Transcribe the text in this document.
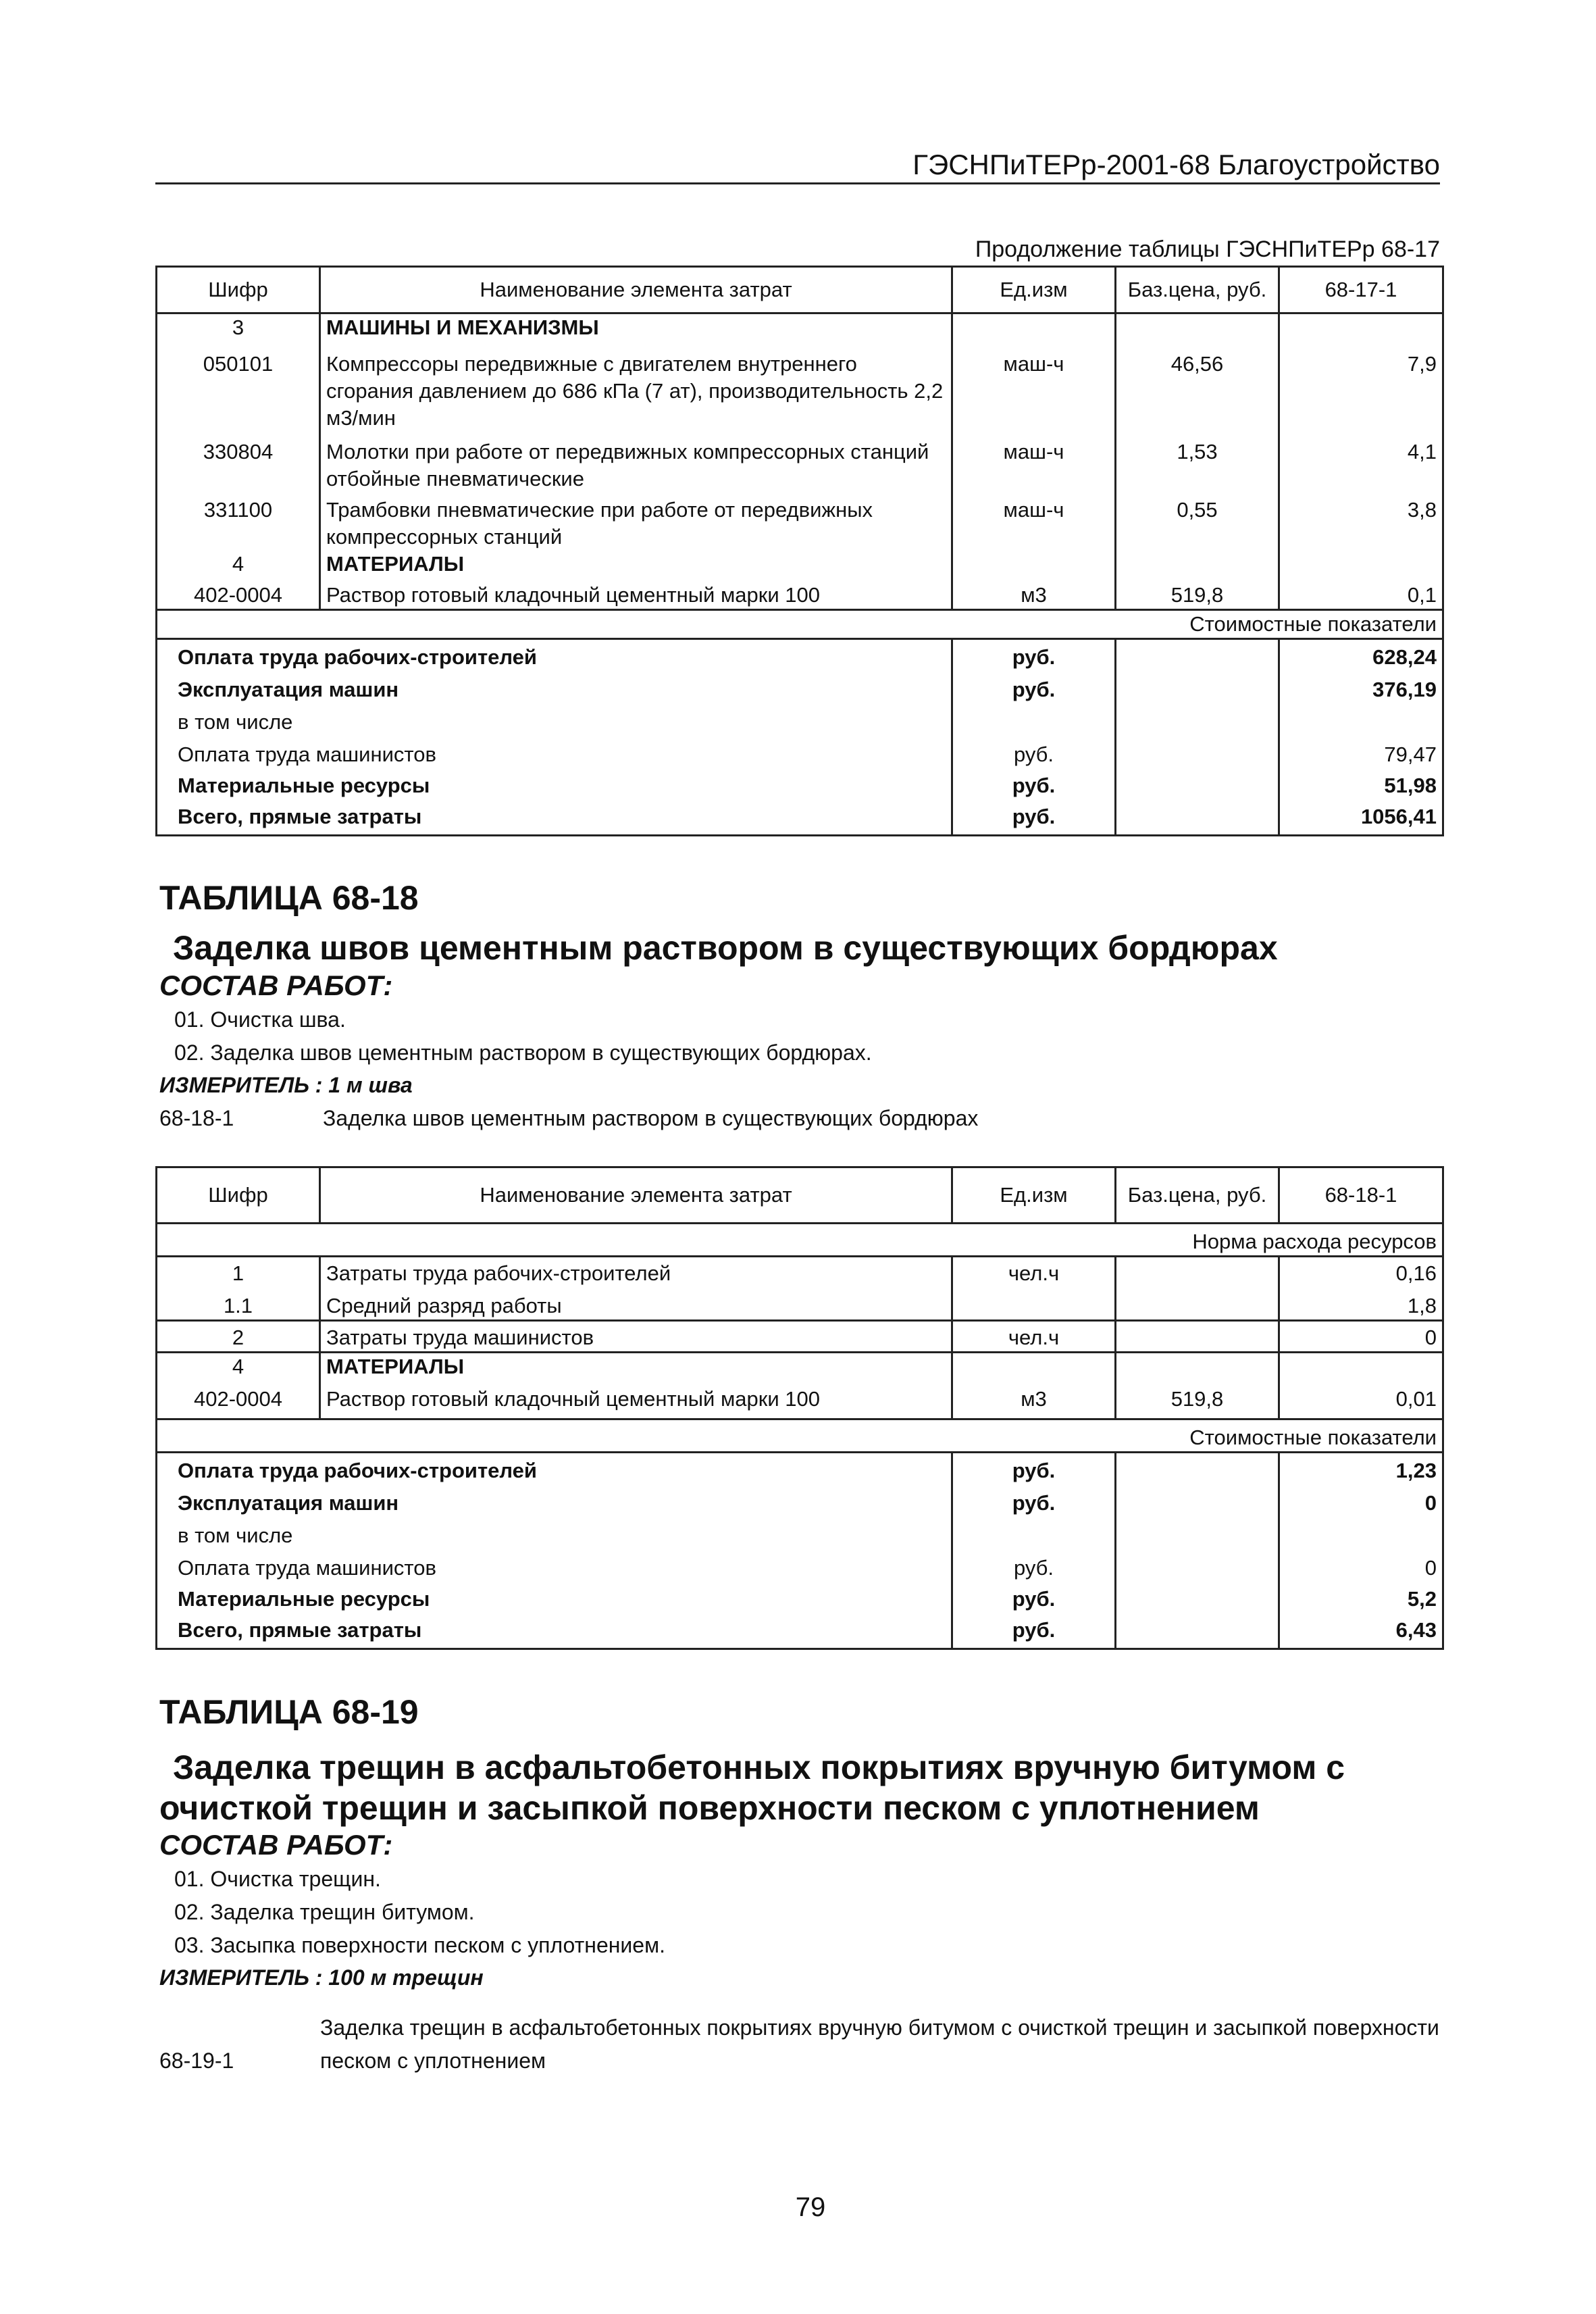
ГЭСНПиТЕРр-2001-68 Благоустройство
Продолжение таблицы ГЭСНПиТЕРр 68-17
Шифр	Наименование элемента затрат	Ед.изм	Баз.цена, руб.	68-17-1
3	МАШИНЫ И МЕХАНИЗМЫ			
050101	Компрессоры передвижные с двигателем внутреннего сгорания давлением до 686 кПа (7 ат), производительность 2,2 м3/мин	маш-ч	46,56	7,9
330804	Молотки при работе от передвижных компрессорных станций отбойные пневматические	маш-ч	1,53	4,1
331100	Трамбовки пневматические при работе от передвижных компрессорных станций	маш-ч	0,55	3,8
4	МАТЕРИАЛЫ			
402-0004	Раствор готовый кладочный цементный марки 100	м3	519,8	0,1
Стоимостные показатели				
Оплата труда рабочих-строителей		руб.		628,24
Эксплуатация машин		руб.		376,19
в том числе				
Оплата труда машинистов		руб.		79,47
Материальные ресурсы		руб.		51,98
Всего, прямые затраты		руб.		1056,41
ТАБЛИЦА 68-18
Заделка швов цементным раствором в существующих бордюрах
СОСТАВ РАБОТ:
01. Очистка шва.
02. Заделка швов цементным раствором в существующих бордюрах.
ИЗМЕРИТЕЛЬ : 1 м шва
68-18-1	Заделка швов цементным раствором в существующих бордюрах
Шифр	Наименование элемента затрат	Ед.изм	Баз.цена, руб.	68-18-1
Норма расхода ресурсов				
1	Затраты труда рабочих-строителей	чел.ч		0,16
1.1	Средний разряд работы			1,8
2	Затраты труда машинистов	чел.ч		0
4	МАТЕРИАЛЫ			
402-0004	Раствор готовый кладочный цементный марки 100	м3	519,8	0,01
Стоимостные показатели				
Оплата труда рабочих-строителей		руб.		1,23
Эксплуатация машин		руб.		0
в том числе				
Оплата труда машинистов		руб.		0
Материальные ресурсы		руб.		5,2
Всего, прямые затраты		руб.		6,43
ТАБЛИЦА 68-19
Заделка трещин в асфальтобетонных покрытиях вручную битумом с
очисткой трещин и засыпкой поверхности песком с уплотнением
СОСТАВ РАБОТ:
01. Очистка трещин.
02. Заделка трещин битумом.
03. Засыпка поверхности песком с уплотнением.
ИЗМЕРИТЕЛЬ : 100 м трещин
Заделка трещин в асфальтобетонных покрытиях вручную битумом с очисткой трещин и засыпкой поверхности
68-19-1	песком с уплотнением
79
